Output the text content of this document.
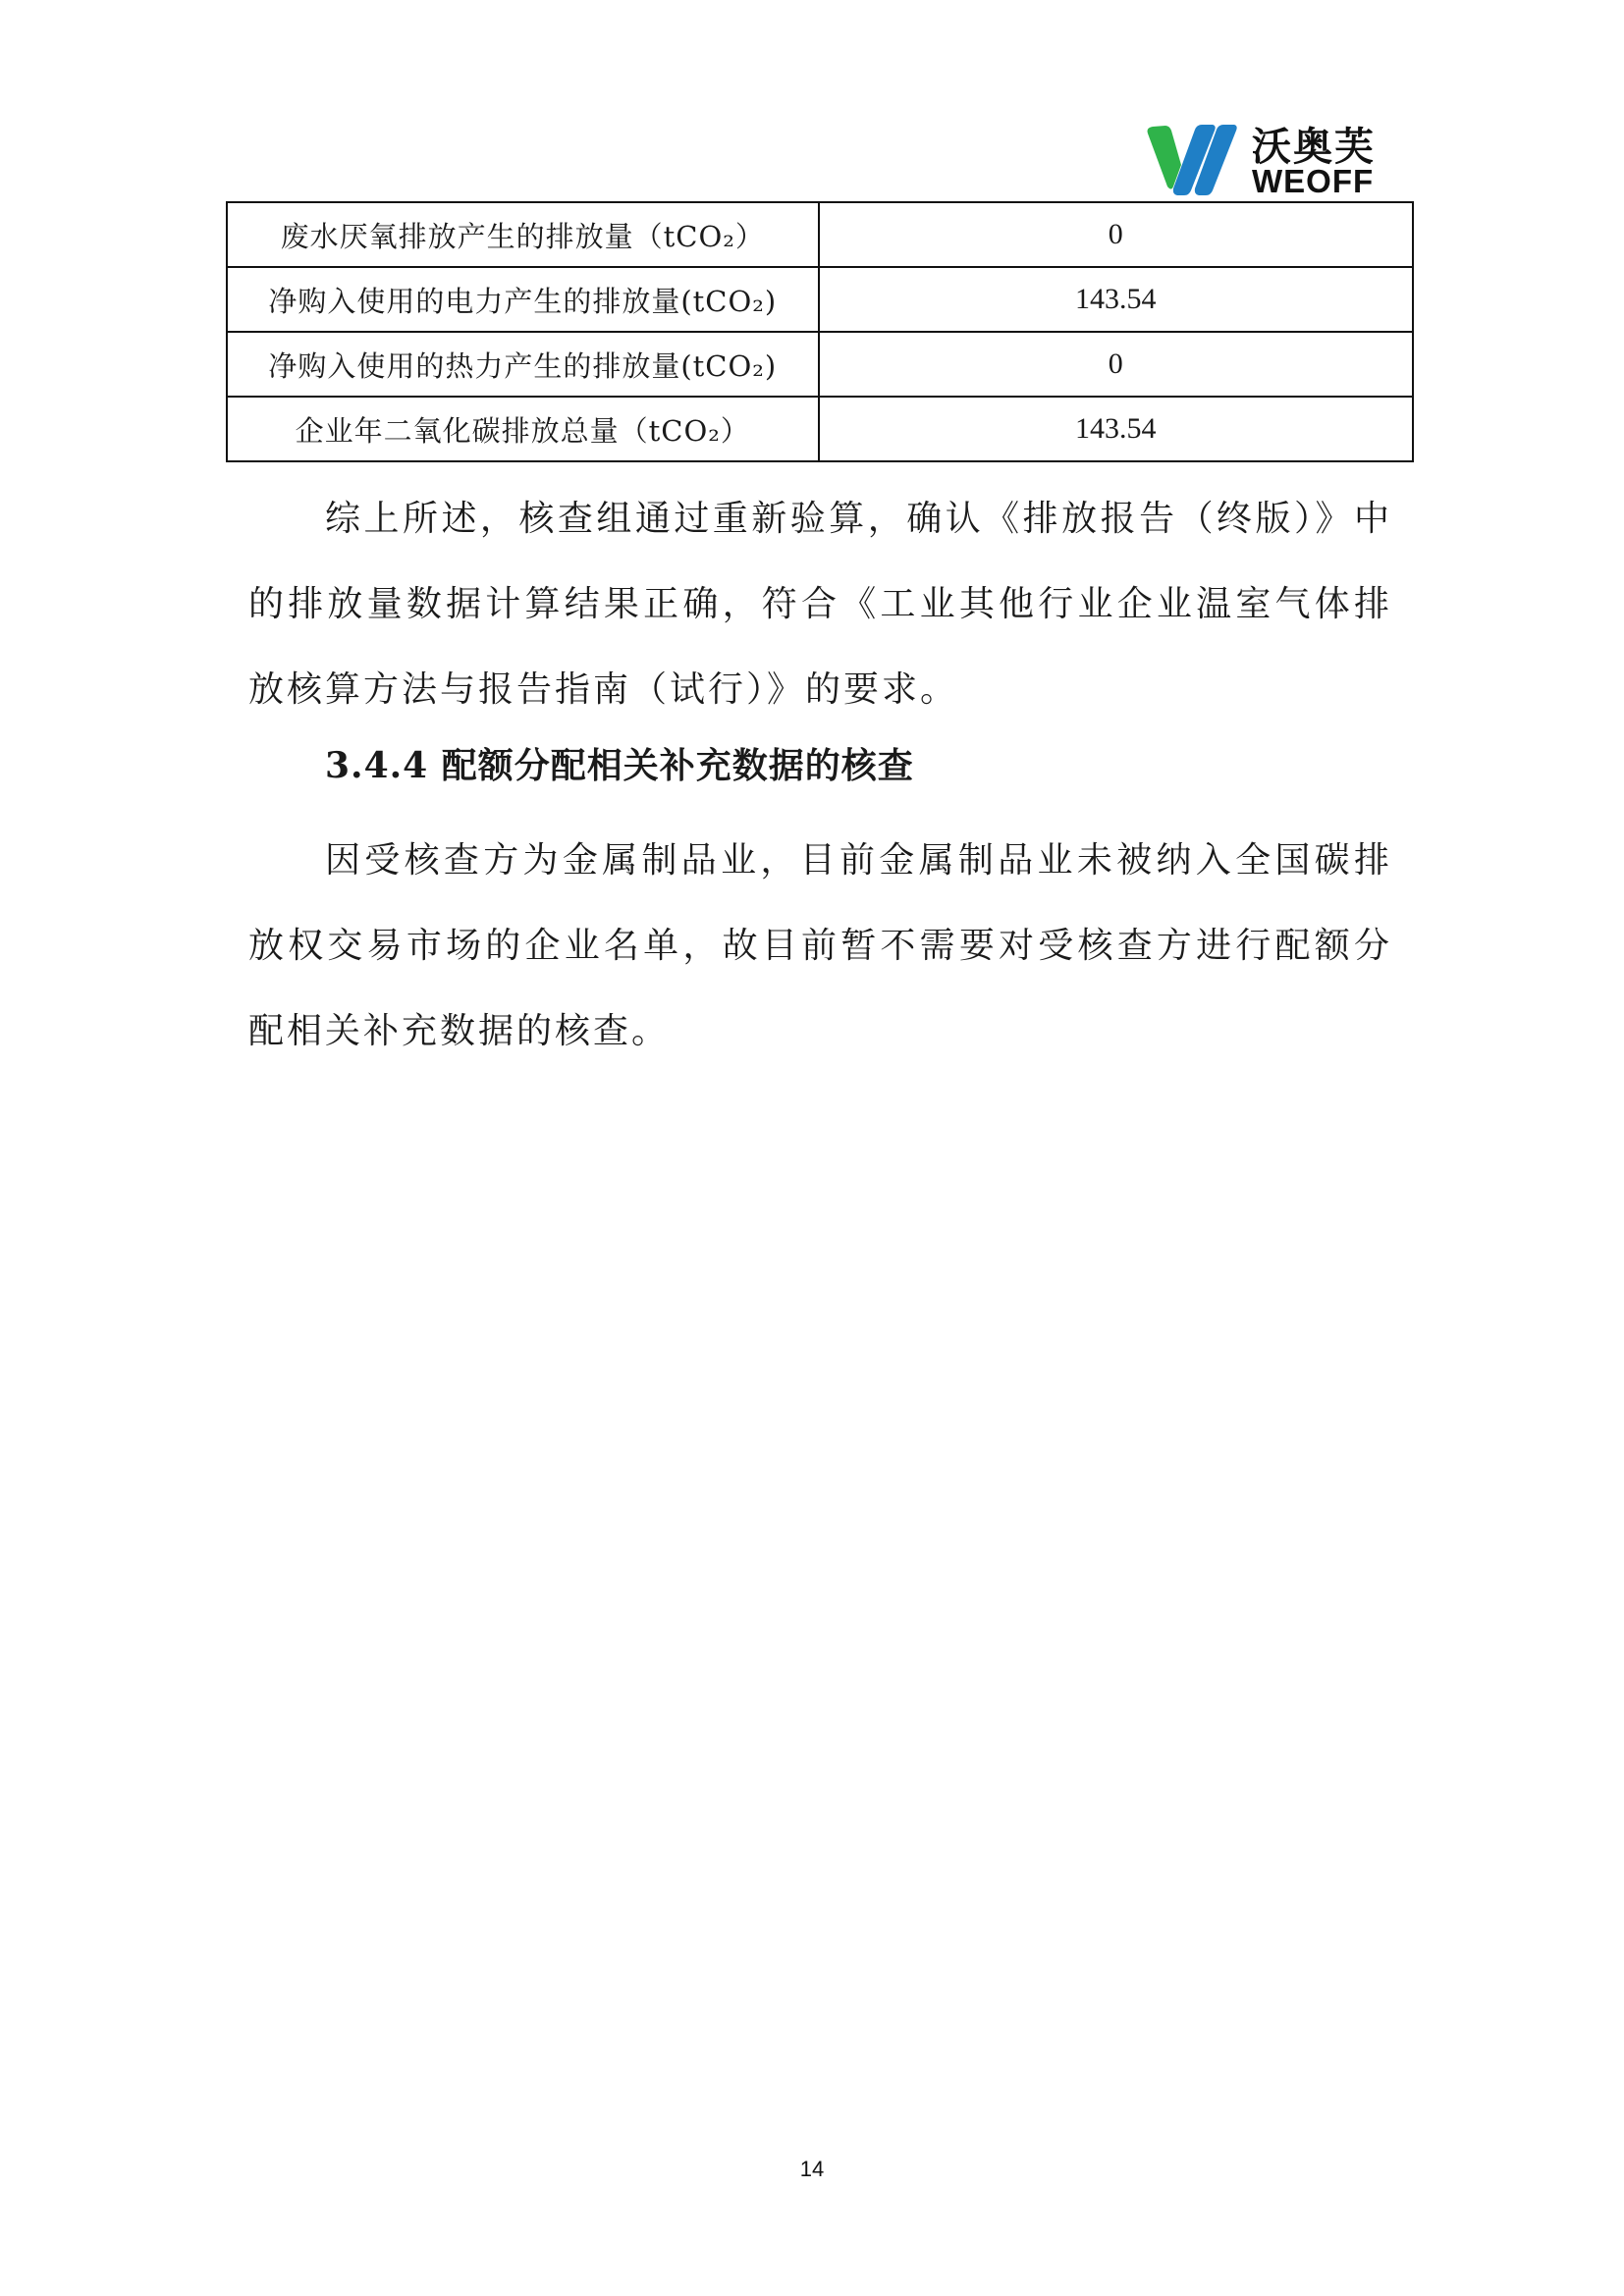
沃奥芙
WEOFF
废水厌氧排放产生的排放量（tCO₂）	0
净购入使用的电力产生的排放量(tCO₂)	143.54
净购入使用的热力产生的排放量(tCO₂)	0
企业年二氧化碳排放总量（tCO₂）	143.54

综上所述，核查组通过重新验算，确认《排放报告（终版）》中的排放量数据计算结果正确，符合《工业其他行业企业温室气体排放核算方法与报告指南（试行）》的要求。

3.4.4 配额分配相关补充数据的核查

因受核查方为金属制品业，目前金属制品业未被纳入全国碳排放权交易市场的企业名单，故目前暂不需要对受核查方进行配额分配相关补充数据的核查。

14
